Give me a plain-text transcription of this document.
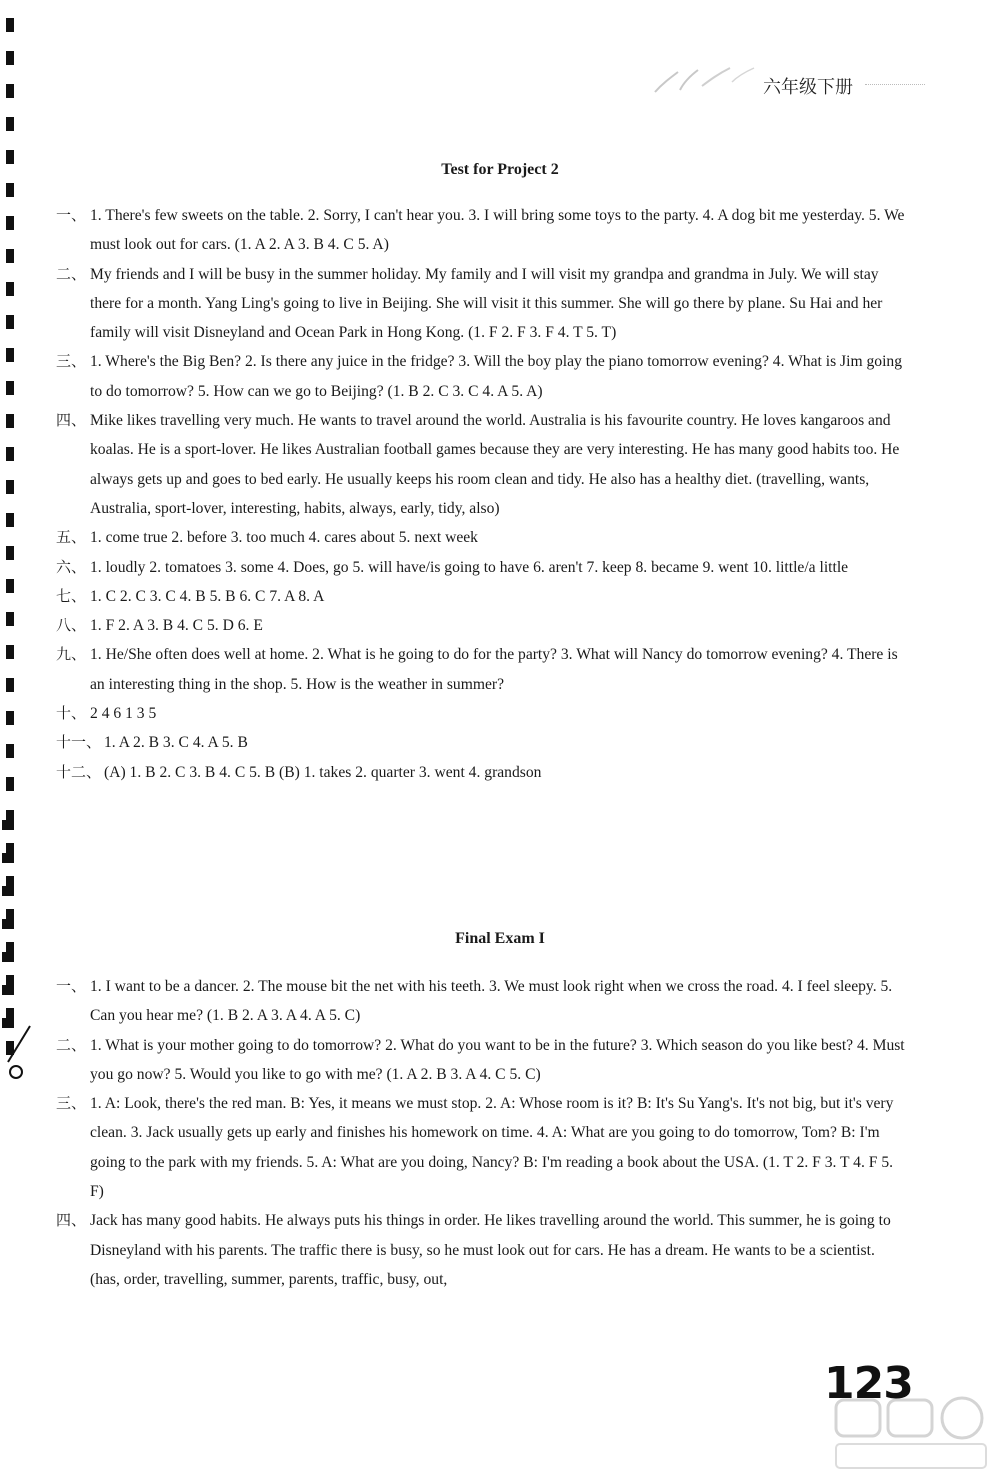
六年级下册
Test for Project 2
一、 1. There's few sweets on the table. 2. Sorry, I can't hear you. 3. I will bring some toys to the party. 4. A dog bit me yesterday. 5. We must look out for cars. (1. A 2. A 3. B 4. C 5. A)
二、 My friends and I will be busy in the summer holiday. My family and I will visit my grandpa and grandma in July. We will stay there for a month. Yang Ling's going to live in Beijing. She will visit it this summer. She will go there by plane. Su Hai and her family will visit Disneyland and Ocean Park in Hong Kong. (1. F 2. F 3. F 4. T 5. T)
三、 1. Where's the Big Ben? 2. Is there any juice in the fridge? 3. Will the boy play the piano tomorrow evening? 4. What is Jim going to do tomorrow? 5. How can we go to Beijing? (1. B 2. C 3. C 4. A 5. A)
四、 Mike likes travelling very much. He wants to travel around the world. Australia is his favourite country. He loves kangaroos and koalas. He is a sport-lover. He likes Australian football games because they are very interesting. He has many good habits too. He always gets up and goes to bed early. He usually keeps his room clean and tidy. He also has a healthy diet. (travelling, wants, Australia, sport-lover, interesting, habits, always, early, tidy, also)
五、 1. come true 2. before 3. too much 4. cares about 5. next week
六、 1. loudly 2. tomatoes 3. some 4. Does, go 5. will have/is going to have 6. aren't 7. keep 8. became 9. went 10. little/a little
七、 1. C 2. C 3. C 4. B 5. B 6. C 7. A 8. A
八、 1. F 2. A 3. B 4. C 5. D 6. E
九、 1. He/She often does well at home. 2. What is he going to do for the party? 3. What will Nancy do tomorrow evening? 4. There is an interesting thing in the shop. 5. How is the weather in summer?
十、 2 4 6 1 3 5
十一、 1. A 2. B 3. C 4. A 5. B
十二、 (A) 1. B 2. C 3. B 4. C 5. B (B) 1. takes 2. quarter 3. went 4. grandson
Final Exam I
一、 1. I want to be a dancer. 2. The mouse bit the net with his teeth. 3. We must look right when we cross the road. 4. I feel sleepy. 5. Can you hear me? (1. B 2. A 3. A 4. A 5. C)
二、 1. What is your mother going to do tomorrow? 2. What do you want to be in the future? 3. Which season do you like best? 4. Must you go now? 5. Would you like to go with me? (1. A 2. B 3. A 4. C 5. C)
三、 1. A: Look, there's the red man. B: Yes, it means we must stop. 2. A: Whose room is it? B: It's Su Yang's. It's not big, but it's very clean. 3. Jack usually gets up early and finishes his homework on time. 4. A: What are you going to do tomorrow, Tom? B: I'm going to the park with my friends. 5. A: What are you doing, Nancy? B: I'm reading a book about the USA. (1. T 2. F 3. T 4. F 5. F)
四、 Jack has many good habits. He always puts his things in order. He likes travelling around the world. This summer, he is going to Disneyland with his parents. The traffic there is busy, so he must look out for cars. He has a dream. He wants to be a scientist. (has, order, travelling, summer, parents, traffic, busy, out,
123
